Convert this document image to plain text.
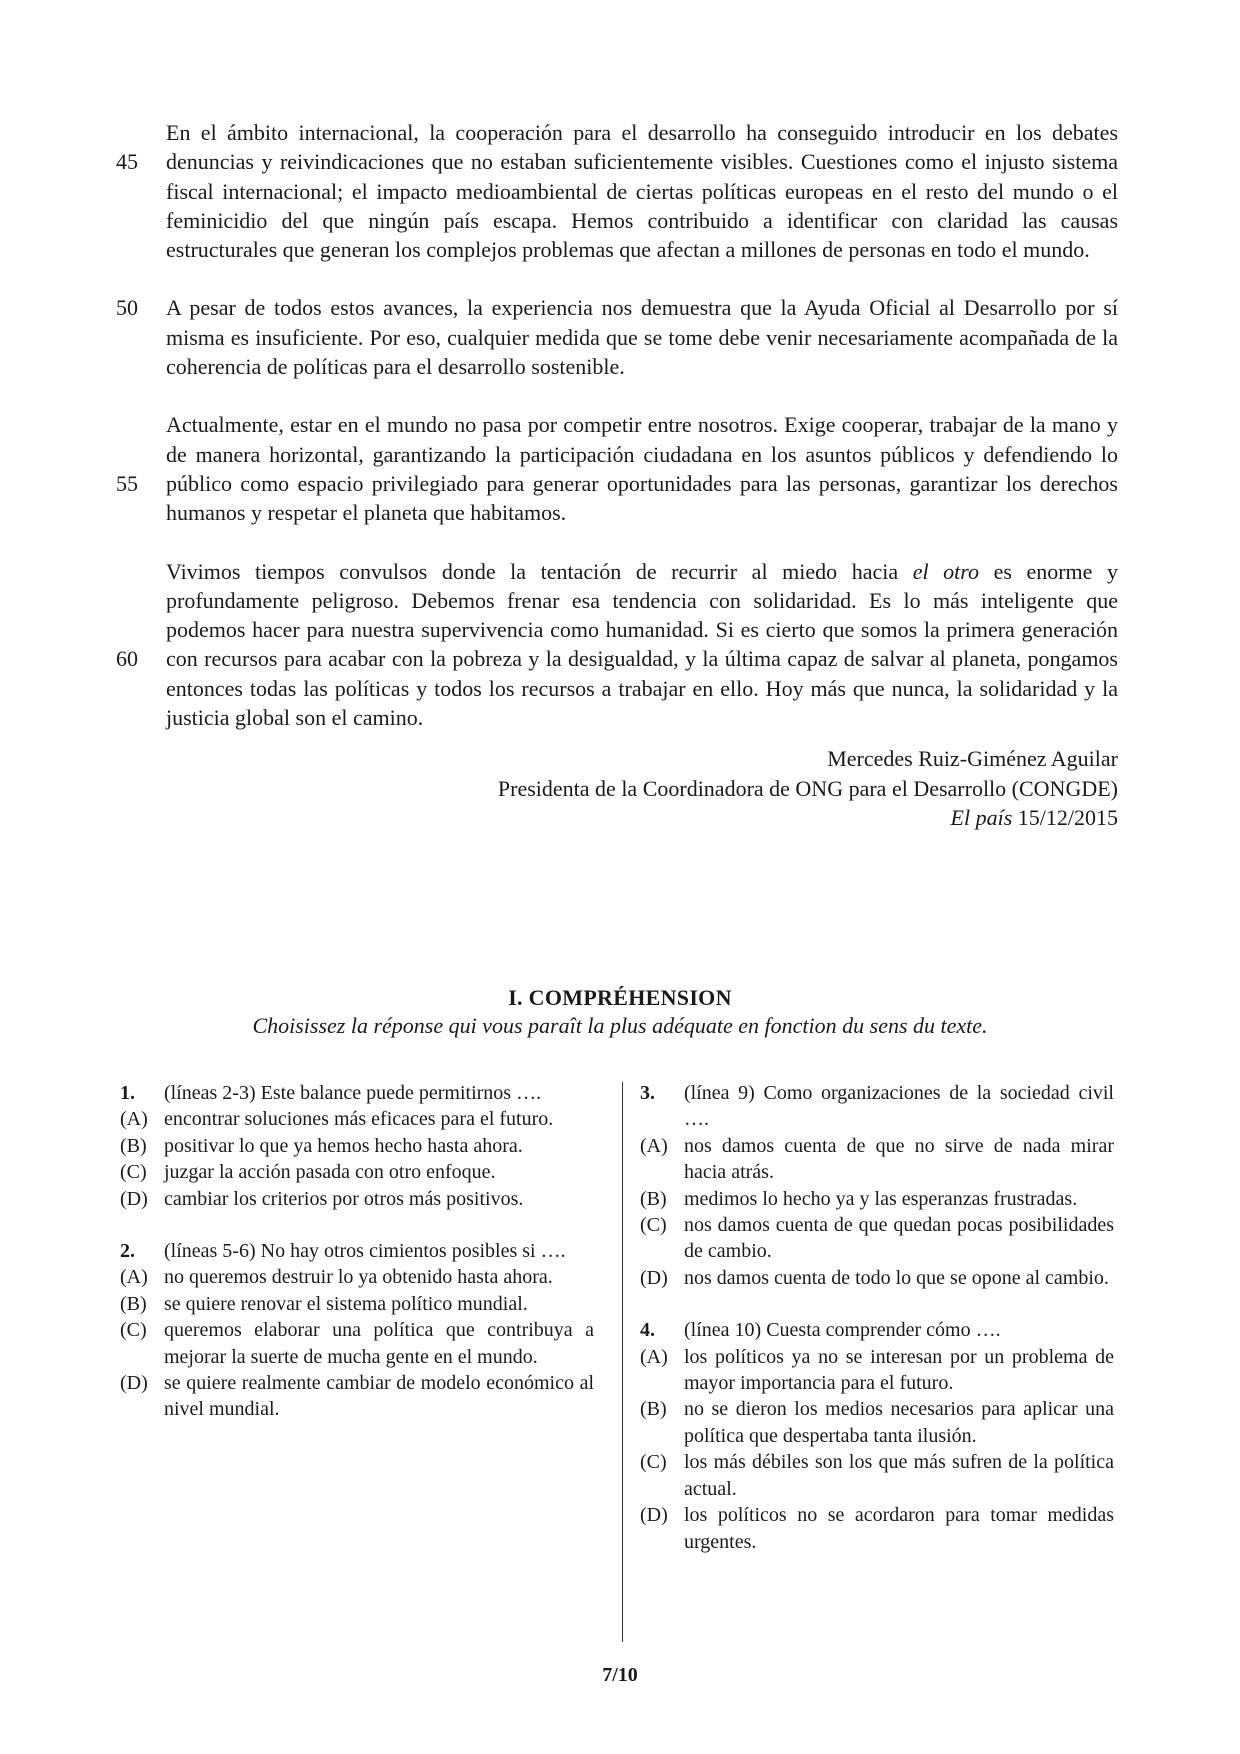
45

En el ámbito internacional, la cooperación para el desarrollo ha conseguido introducir en los debates denuncias y reivindicaciones que no estaban suficientemente visibles. Cuestiones como el injusto sistema fiscal internacional; el impacto medioambiental de ciertas políticas europeas en el resto del mundo o el feminicidio del que ningún país escapa. Hemos contribuido a identificar con claridad las causas estructurales que generan los complejos problemas que afectan a millones de personas en todo el mundo.

50 A pesar de todos estos avances, la experiencia nos demuestra que la Ayuda Oficial al Desarrollo por sí misma es insuficiente. Por eso, cualquier medida que se tome debe venir necesariamente acompañada de la coherencia de políticas para el desarrollo sostenible.

55

Actualmente, estar en el mundo no pasa por competir entre nosotros. Exige cooperar, trabajar de la mano y de manera horizontal, garantizando la participación ciudadana en los asuntos públicos y defendiendo lo público como espacio privilegiado para generar oportunidades para las personas, garantizar los derechos humanos y respetar el planeta que habitamos.

60

Vivimos tiempos convulsos donde la tentación de recurrir al miedo hacia el otro es enorme y profundamente peligroso. Debemos frenar esa tendencia con solidaridad. Es lo más inteligente que podemos hacer para nuestra supervivencia como humanidad. Si es cierto que somos la primera generación con recursos para acabar con la pobreza y la desigualdad, y la última capaz de salvar al planeta, pongamos entonces todas las políticas y todos los recursos a trabajar en ello. Hoy más que nunca, la solidaridad y la justicia global son el camino.

Mercedes Ruiz-Giménez Aguilar
Presidenta de la Coordinadora de ONG para el Desarrollo (CONGDE)
El país 15/12/2015
I. COMPRÉHENSION
Choisissez la réponse qui vous paraît la plus adéquate en fonction du sens du texte.
1.	(líneas 2-3) Este balance puede permitirnos ….
(A) encontrar soluciones más eficaces para el futuro.
(B) positivar lo que ya hemos hecho hasta ahora.
(C) juzgar la acción pasada con otro enfoque.
(D) cambiar los criterios por otros más positivos.
2.	(líneas 5-6) No hay otros cimientos posibles si ….
(A) no queremos destruir lo ya obtenido hasta ahora.
(B) se quiere renovar el sistema político mundial.
(C) queremos elaborar una política que contribuya a mejorar la suerte de mucha gente en el mundo.
(D) se quiere realmente cambiar de modelo económico al nivel mundial.
3.	(línea 9) Como organizaciones de la sociedad civil ….
(A) nos damos cuenta de que no sirve de nada mirar hacia atrás.
(B) medimos lo hecho ya y las esperanzas frustradas.
(C) nos damos cuenta de que quedan pocas posibilidades de cambio.
(D) nos damos cuenta de todo lo que se opone al cambio.
4.	(línea 10) Cuesta comprender cómo ….
(A) los políticos ya no se interesan por un problema de mayor importancia para el futuro.
(B) no se dieron los medios necesarios para aplicar una política que despertaba tanta ilusión.
(C) los más débiles son los que más sufren de la política actual.
(D) los políticos no se acordaron para tomar medidas urgentes.
7/10
